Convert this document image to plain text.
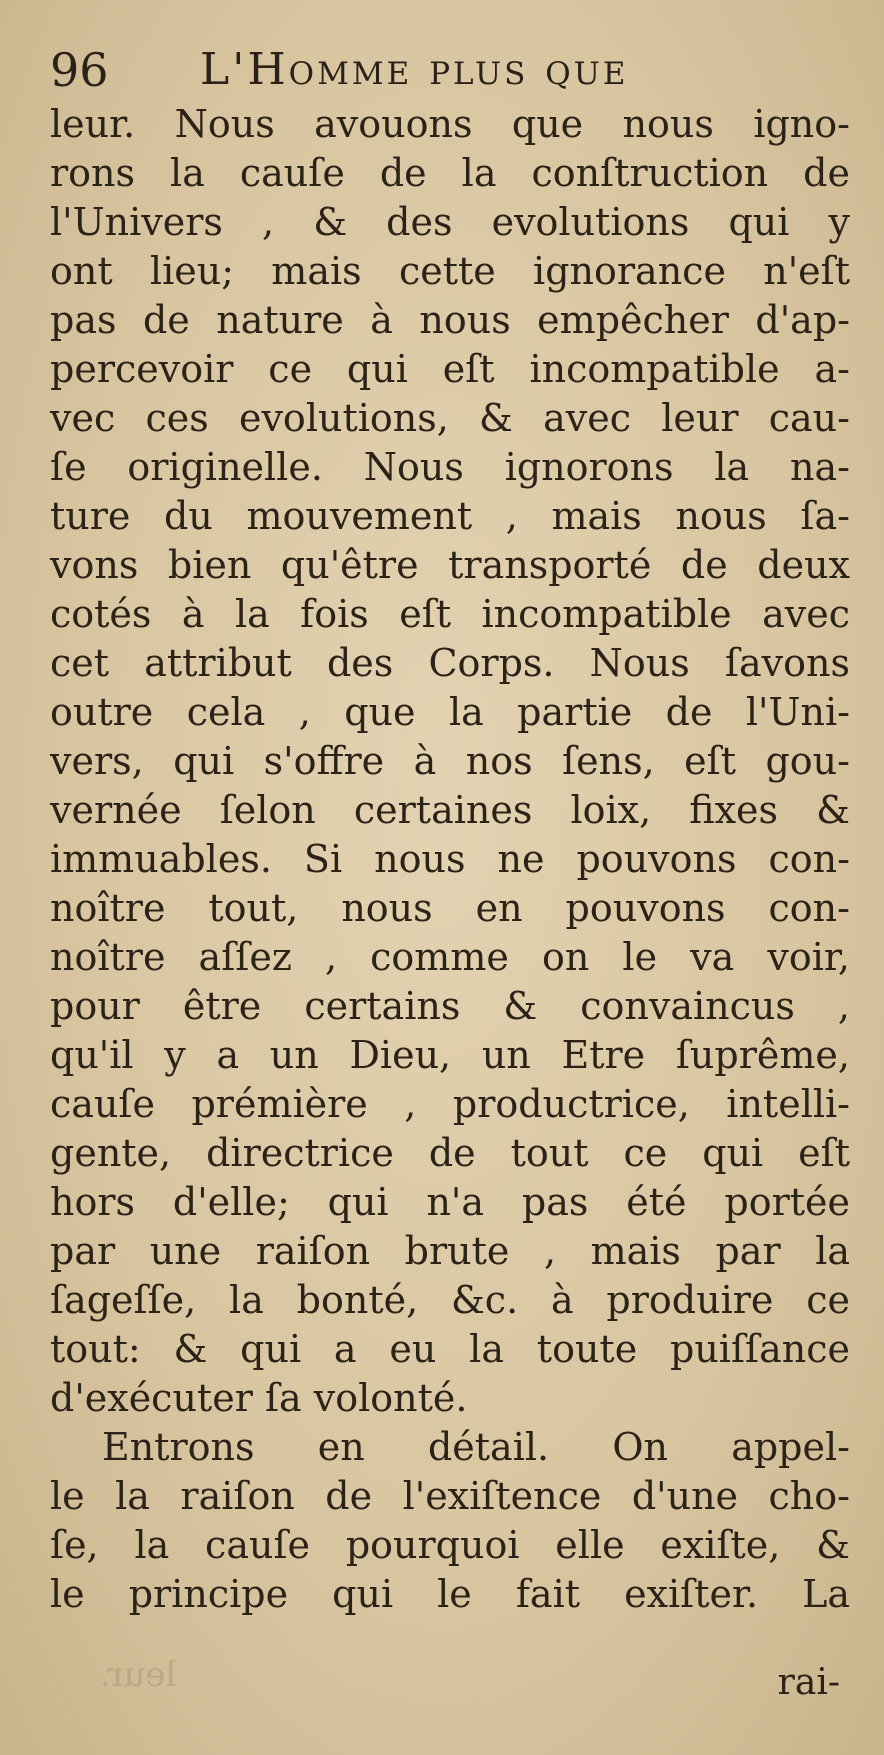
96 L'Homme plus que
leur. Nous avouons que nous igno-
rons la cauſe de la conſtruction de
l'Univers , & des evolutions qui y
ont lieu; mais cette ignorance n'eſt
pas de nature à nous empêcher d'ap-
percevoir ce qui eſt incompatible a-
vec ces evolutions, & avec leur cau-
ſe originelle. Nous ignorons la na-
ture du mouvement , mais nous ſa-
vons bien qu'être transporté de deux
cotés à la fois eſt incompatible avec
cet attribut des Corps. Nous ſavons
outre cela , que la partie de l'Uni-
vers, qui s'offre à nos ſens, eſt gou-
vernée ſelon certaines loix, fixes &
immuables. Si nous ne pouvons con-
noître tout, nous en pouvons con-
noître aſſez , comme on le va voir,
pour être certains & convaincus ,
qu'il y a un Dieu, un Etre ſuprême,
cauſe prémière , productrice, intelli-
gente, directrice de tout ce qui eſt
hors d'elle; qui n'a pas été portée
par une raiſon brute , mais par la
ſageſſe, la bonté, &c. à produire ce
tout: & qui a eu la toute puiſſance
d'exécuter ſa volonté.
Entrons en détail. On appel-
le la raiſon de l'exiſtence d'une cho-
ſe, la cauſe pourquoi elle exiſte, &
le principe qui le fait exiſter. La
leur.	rai-
